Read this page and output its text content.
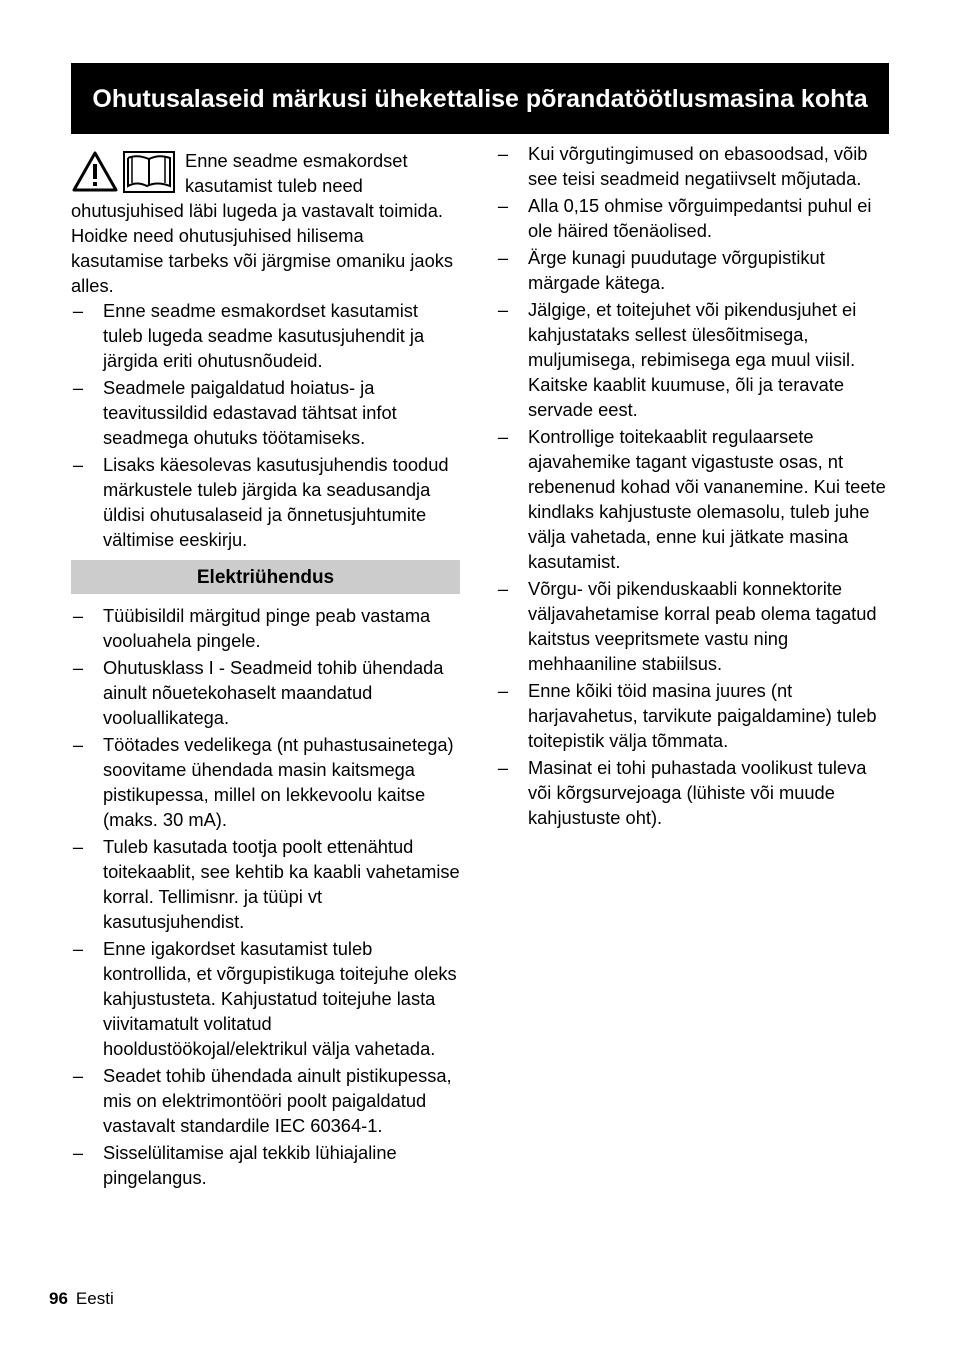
Ohutusalaseid märkusi ühekettalise põrandatöötlusmasina kohta

Enne seadme esmakordset kasutamist tuleb need ohutusjuhised läbi lugeda ja vastavalt toimida. Hoidke need ohutusjuhised hilisema kasutamise tarbeks või järgmise omaniku jaoks alles.

– Enne seadme esmakordset kasutamist tuleb lugeda seadme kasutusjuhendit ja järgida eriti ohutusnõudeid.
– Seadmele paigaldatud hoiatus- ja teavitussildid edastavad tähtsat infot seadmega ohutuks töötamiseks.
– Lisaks käesolevas kasutusjuhendis toodud märkustele tuleb järgida ka seadusandja üldisi ohutusalaseid ja õnnetusjuhtumite vältimise eeskirju.
Elektriühendus
– Tüübisildil märgitud pinge peab vastama vooluahela pingele.
– Ohutusklass I - Seadmeid tohib ühendada ainult nõuetekohaselt maandatud vooluallikatega.
– Töötades vedelikega (nt puhastusainetega) soovitame ühendada masin kaitsmega pistikupessa, millel on lekkevoolu kaitse (maks. 30 mA).
– Tuleb kasutada tootja poolt ettenähtud toitekaablit, see kehtib ka kaabli vahetamise korral. Tellimisnr. ja tüüpi vt kasutusjuhendist.
– Enne igakordset kasutamist tuleb kontrollida, et võrgupistikuga toitejuhe oleks kahjustusteta. Kahjustatud toitejuhe lasta viivitamatult volitatud hooldustöökojal/elektrikul välja vahetada.
– Seadet tohib ühendada ainult pistikupessa, mis on elektrimontööri poolt paigaldatud vastavalt standardile IEC 60364-1.
– Sisselülitamise ajal tekkib lühiajaline pingelangus.
– Kui võrgutingimused on ebasoodsad, võib see teisi seadmeid negatiivselt mõjutada.
– Alla 0,15 ohmise võrguimpedantsi puhul ei ole häired tõenäolised.
– Ärge kunagi puudutage võrgupistikut märgade kätega.
– Jälgige, et toitejuhet või pikendusjuhet ei kahjustataks sellest ülesõitmisega, muljumisega, rebimisega ega muul viisil. Kaitske kaablit kuumuse, õli ja teravate servade eest.
– Kontrollige toitekaablit regulaarsete ajavahemike tagant vigastuste osas, nt rebenenud kohad või vananemine. Kui teete kindlaks kahjustuste olemasolu, tuleb juhe välja vahetada, enne kui jätkate masina kasutamist.
– Võrgu- või pikenduskaabli konnektorite väljavahetamise korral peab olema tagatud kaitstus veepritsmete vastu ning mehhaaniline stabiilsus.
– Enne kõiki töid masina juures (nt harjavahetus, tarvikute paigaldamine) tuleb toitepistik välja tõmmata.
– Masinat ei tohi puhastada voolikust tuleva või kõrgsurvejoaga (lühiste või muude kahjustuste oht).
96 Eesti
